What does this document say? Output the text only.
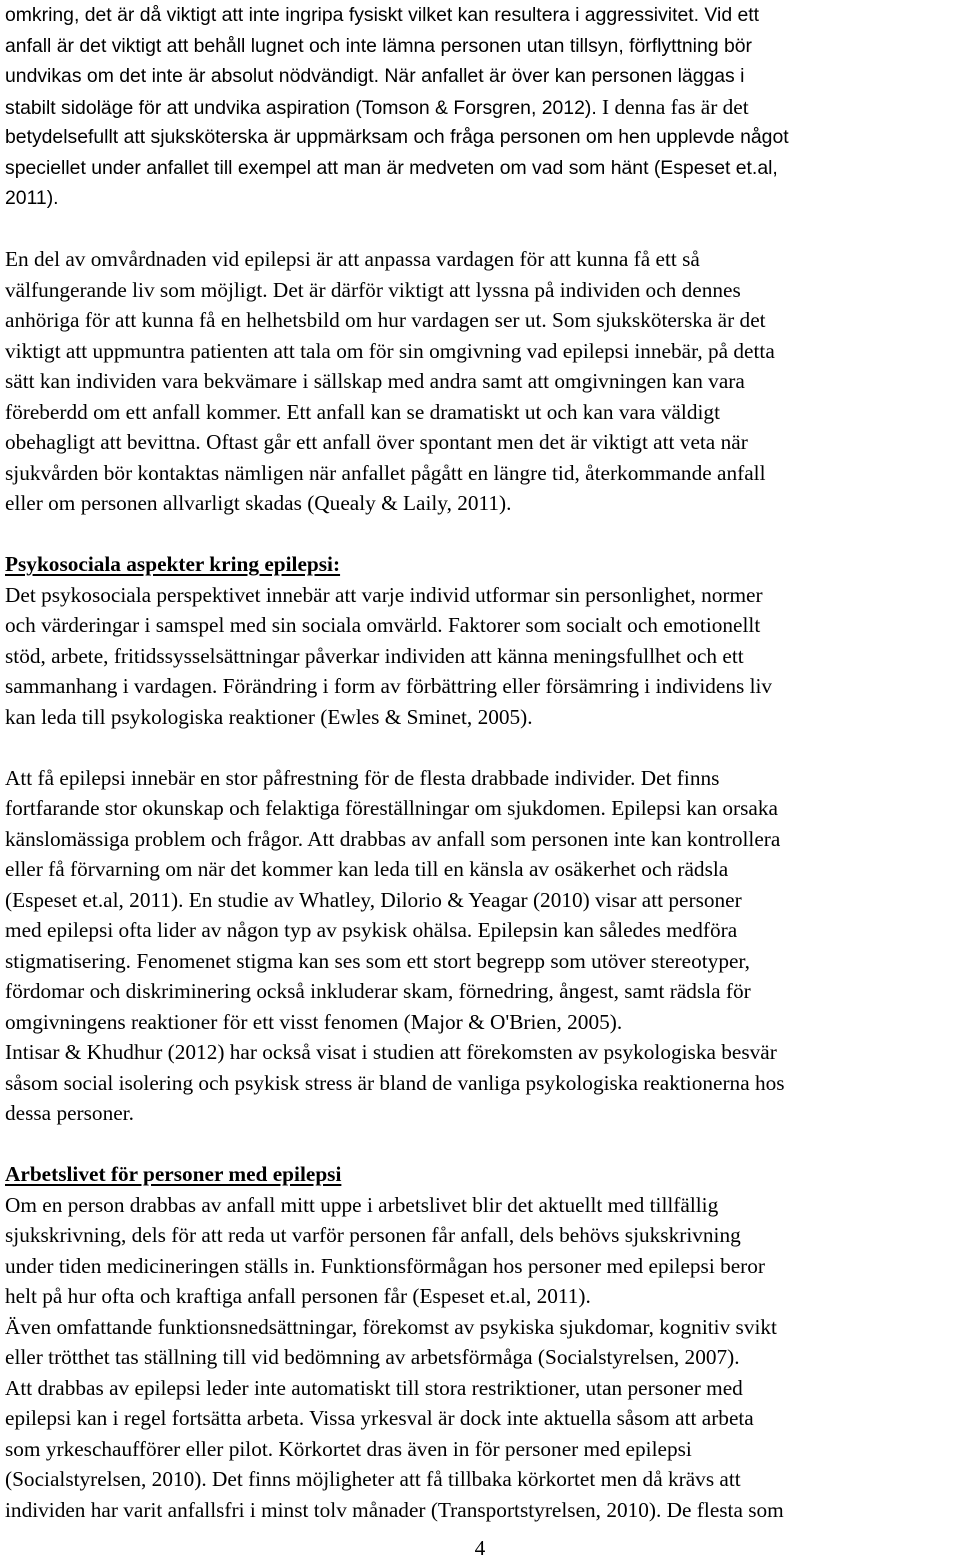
omkring, det är då viktigt att inte ingripa fysiskt vilket kan resultera i aggressivitet. Vid ett
anfall är det viktigt att behåll lugnet och inte lämna personen utan tillsyn, förflyttning bör
undvikas om det inte är absolut nödvändigt. När anfallet är över kan personen läggas i
stabilt sidoläge för att undvika aspiration (Tomson & Forsgren, 2012). I denna fas är det
betydelsefullt att sjuksköterska är uppmärksam och fråga personen om hen upplevde något
speciellet under anfallet till exempel att man är medveten om vad som hänt (Espeset et.al,
2011).
En del av omvårdnaden vid epilepsi är att anpassa vardagen för att kunna få ett så
välfungerande liv som möjligt. Det är därför viktigt att lyssna på individen och dennes
anhöriga för att kunna få en helhetsbild om hur vardagen ser ut. Som sjuksköterska är det
viktigt att uppmuntra patienten att tala om för sin omgivning vad epilepsi innebär, på detta
sätt kan individen vara bekvämare i sällskap med andra samt att omgivningen kan vara
föreberdd om ett anfall kommer. Ett anfall kan se dramatiskt ut och kan vara väldigt
obehagligt att bevittna. Oftast går ett anfall över spontant men det är viktigt att veta när
sjukvården bör kontaktas nämligen när anfallet pågått en längre tid, återkommande anfall
eller om personen allvarligt skadas (Quealy & Laily, 2011).
Psykosociala aspekter kring epilepsi:
Det psykosociala perspektivet innebär att varje individ utformar sin personlighet, normer
och värderingar i samspel med sin sociala omvärld. Faktorer som socialt och emotionellt
stöd, arbete, fritidssysselsättningar påverkar individen att känna meningsfullhet och ett
sammanhang i vardagen. Förändring i form av förbättring eller försämring i individens liv
kan leda till psykologiska reaktioner (Ewles & Sminet, 2005).
Att få epilepsi innebär en stor påfrestning för de flesta drabbade individer. Det finns
fortfarande stor okunskap och felaktiga föreställningar om sjukdomen. Epilepsi kan orsaka
känslomässiga problem och frågor. Att drabbas av anfall som personen inte kan kontrollera
eller få förvarning om när det kommer kan leda till en känsla av osäkerhet och rädsla
(Espeset et.al, 2011). En studie av Whatley, Dilorio & Yeagar (2010) visar att personer
med epilepsi ofta lider av någon typ av psykisk ohälsa. Epilepsin kan således medföra
stigmatisering. Fenomenet stigma kan ses som ett stort begrepp som utöver stereotyper,
fördomar och diskriminering också inkluderar skam, förnedring, ångest, samt rädsla för
omgivningens reaktioner för ett visst fenomen (Major & O'Brien, 2005).
Intisar & Khudhur (2012) har också visat i studien att förekomsten av psykologiska besvär
såsom social isolering och psykisk stress är bland de vanliga psykologiska reaktionerna hos
dessa personer.
Arbetslivet för personer med epilepsi
Om en person drabbas av anfall mitt uppe i arbetslivet blir det aktuellt med tillfällig
sjukskrivning, dels för att reda ut varför personen får anfall, dels behövs sjukskrivning
under tiden medicineringen ställs in. Funktionsförmågan hos personer med epilepsi beror
helt på hur ofta och kraftiga anfall personen får (Espeset et.al, 2011).
Även omfattande funktionsnedsättningar, förekomst av psykiska sjukdomar, kognitiv svikt
eller trötthet tas ställning till vid bedömning av arbetsförmåga (Socialstyrelsen, 2007).
Att drabbas av epilepsi leder inte automatiskt till stora restriktioner, utan personer med
epilepsi kan i regel fortsätta arbeta. Vissa yrkesval är dock inte aktuella såsom att arbeta
som yrkeschaufförer eller pilot. Körkortet dras även in för personer med epilepsi
(Socialstyrelsen, 2010). Det finns möjligheter att få tillbaka körkortet men då krävs att
individen har varit anfallsfri i minst tolv månader (Transportstyrelsen, 2010). De flesta som
4
